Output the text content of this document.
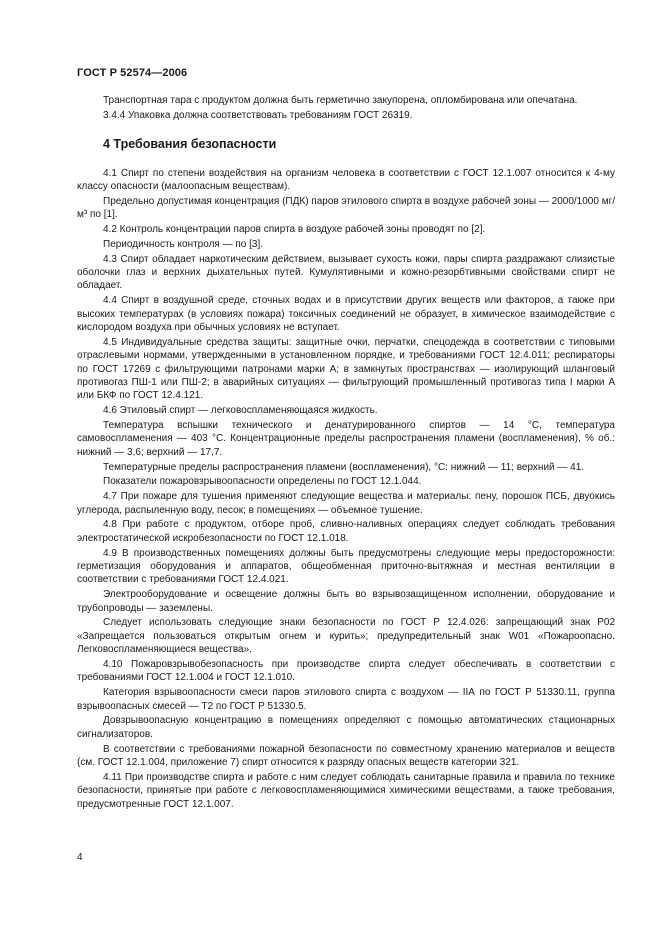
ГОСТ Р 52574—2006

Транспортная тара с продуктом должна быть герметично закупорена, опломбирована или опечатана.

3.4.4 Упаковка должна соответствовать требованиям ГОСТ 26319.

4 Требования безопасности

4.1 Спирт по степени воздействия на организм человека в соответствии с ГОСТ 12.1.007 относится к 4-му классу опасности (малоопасным веществам).

Предельно допустимая концентрация (ПДК) паров этилового спирта в воздухе рабочей зоны — 2000/1000 мг/м³ по [1].

4.2 Контроль концентрации паров спирта в воздухе рабочей зоны проводят по [2].

Периодичность контроля — по [3].

4.3 Спирт обладает наркотическим действием, вызывает сухость кожи, пары спирта раздражают слизистые оболочки глаз и верхних дыхательных путей. Кумулятивными и кожно-резорбтивными свойствами спирт не обладает.

4.4 Спирт в воздушной среде, сточных водах и в присутствии других веществ или факторов, а также при высоких температурах (в условиях пожара) токсичных соединений не образует, в химическое взаимодействие с кислородом воздуха при обычных условиях не вступает.

4.5 Индивидуальные средства защиты: защитные очки, перчатки, спецодежда в соответствии с типовыми отраслевыми нормами, утвержденными в установленном порядке, и требованиями ГОСТ 12.4.011; респираторы по ГОСТ 17269 с фильтрующими патронами марки А; в замкнутых пространствах — изолирующий шланговый противогаз ПШ-1 или ПШ-2; в аварийных ситуациях — фильтрующий промышленный противогаз типа I марки А или БКФ по ГОСТ 12.4.121.

4.6 Этиловый спирт — легковоспламеняющаяся жидкость.

Температура вспышки технического и денатурированного спиртов — 14 °С, температура самовоспламенения — 403 °С. Концентрационные пределы распространения пламени (воспламенения), % об.: нижний — 3,6; верхний — 17,7.

Температурные пределы распространения пламени (воспламенения), °С: нижний — 11; верхний — 41.

Показатели пожаровзрывоопасности определены по ГОСТ 12.1.044.

4.7 При пожаре для тушения применяют следующие вещества и материалы: пену, порошок ПСБ, двуокись углерода, распыленную воду, песок; в помещениях — объемное тушение.

4.8 При работе с продуктом, отборе проб, сливно-наливных операциях следует соблюдать требования электростатической искробезопасности по ГОСТ 12.1.018.

4.9 В производственных помещениях должны быть предусмотрены следующие меры предосторожности: герметизация оборудования и аппаратов, общеобменная приточно-вытяжная и местная вентиляции в соответствии с требованиями ГОСТ 12.4.021.

Электрооборудование и освещение должны быть во взрывозащищенном исполнении, оборудование и трубопроводы — заземлены.

Следует использовать следующие знаки безопасности по ГОСТ Р 12.4.026: запрещающий знак Р02 «Запрещается пользоваться открытым огнем и курить»; предупредительный знак W01 «Пожароопасно. Легковоспламеняющиеся вещества».

4.10 Пожаровзрывобезопасность при производстве спирта следует обеспечивать в соответствии с требованиями ГОСТ 12.1.004 и ГОСТ 12.1.010.

Категория взрывоопасности смеси паров этилового спирта с воздухом — IIА по ГОСТ Р 51330.11, группа взрывоопасных смесей — Т2 по ГОСТ Р 51330.5.

Довзрывоопасную концентрацию в помещениях определяют с помощью автоматических стационарных сигнализаторов.

В соответствии с требованиями пожарной безопасности по совместному хранению материалов и веществ (см. ГОСТ 12.1.004, приложение 7) спирт относится к разряду опасных веществ категории 321.

4.11 При производстве спирта и работе с ним следует соблюдать санитарные правила и правила по технике безопасности, принятые при работе с легковоспламеняющимися химическими веществами, а также требования, предусмотренные ГОСТ 12.1.007.

4
